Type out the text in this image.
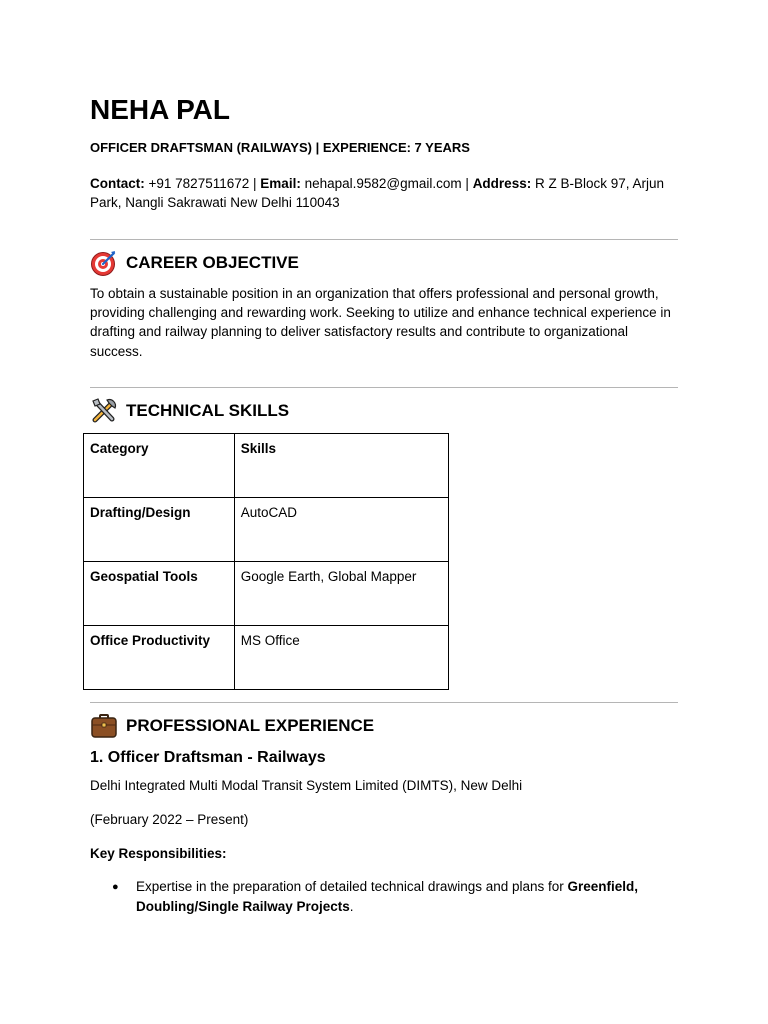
NEHA PAL
OFFICER DRAFTSMAN (RAILWAYS) | EXPERIENCE: 7 YEARS

Contact: +91 7827511672 | Email: nehapal.9582@gmail.com | Address: R Z B-Block 97, Arjun Park, Nangli Sakrawati New Delhi 110043

CAREER OBJECTIVE

To obtain a sustainable position in an organization that offers professional and personal growth, providing challenging and rewarding work. Seeking to utilize and enhance technical experience in drafting and railway planning to deliver satisfactory results and contribute to organizational success.

TECHNICAL SKILLS
Category	Skills
Drafting/Design	AutoCAD
Geospatial Tools	Google Earth, Global Mapper
Office Productivity	MS Office
PROFESSIONAL EXPERIENCE
1. Officer Draftsman - Railways
Delhi Integrated Multi Modal Transit System Limited (DIMTS), New Delhi
(February 2022 – Present)
Key Responsibilities:
● Expertise in the preparation of detailed technical drawings and plans for Greenfield, Doubling/Single Railway Projects.
